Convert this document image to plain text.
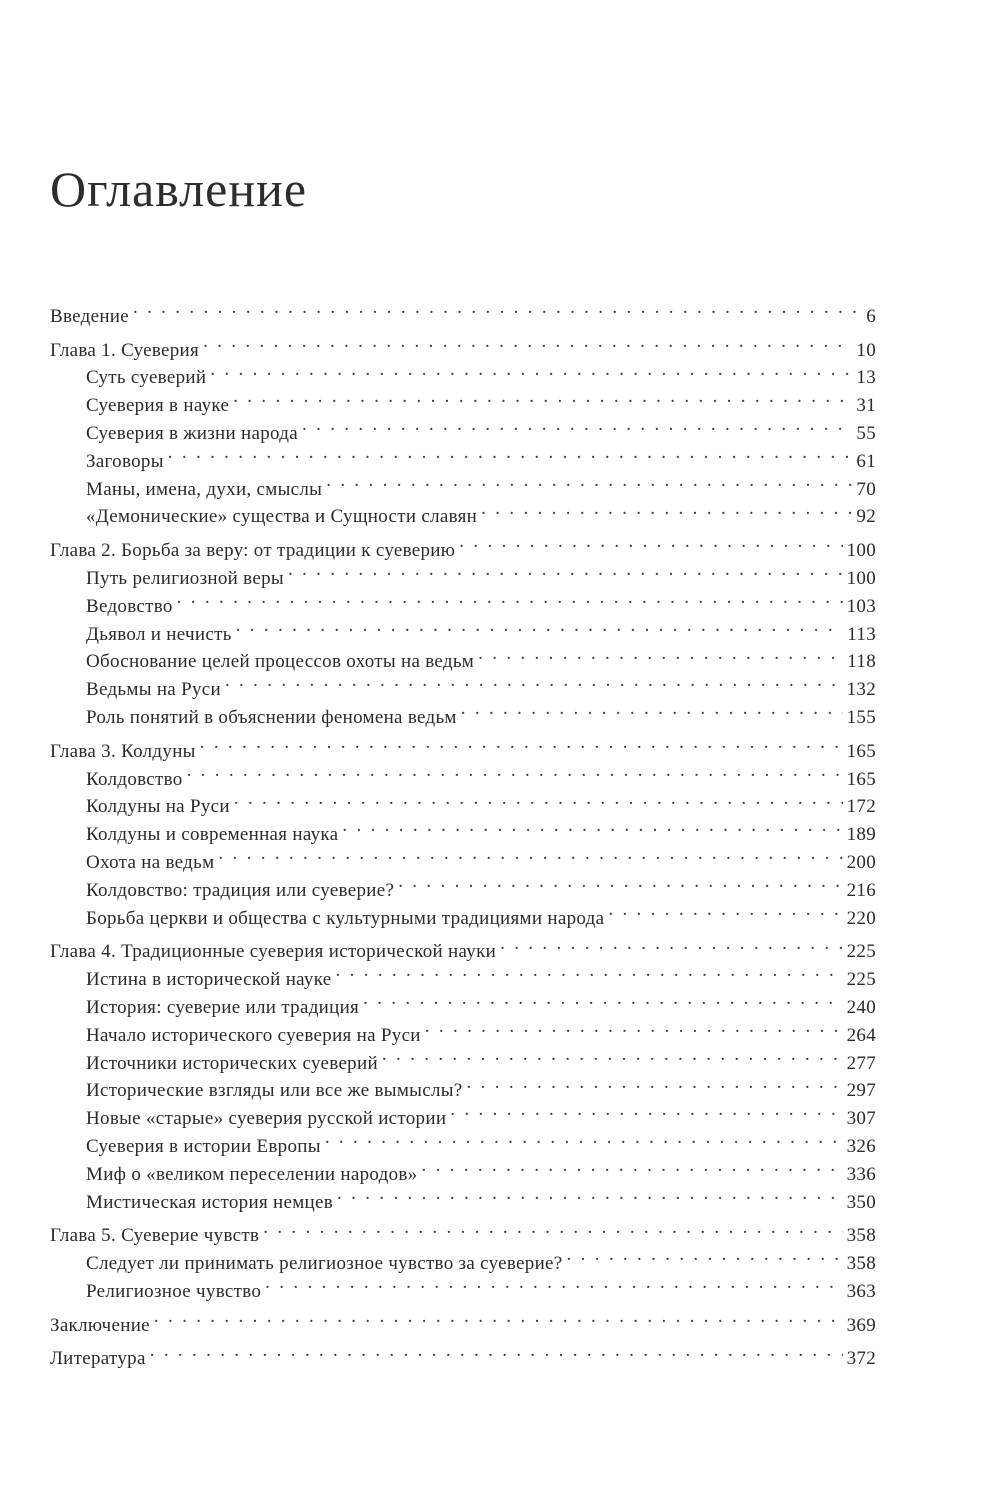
Оглавление
Введение . . .	6
Глава 1. Суеверия . . .	10
Суть суеверий . . .	13
Суеверия в науке . . .	31
Суеверия в жизни народа . . .	55
Заговоры . . .	61
Маны, имена, духи, смыслы . . .	70
«Демонические» существа и Сущности славян . . .	92
Глава 2. Борьба за веру: от традиции к суеверию . . .	100
Путь религиозной веры . . .	100
Ведовство . . .	103
Дьявол и нечисть . . .	113
Обоснование целей процессов охоты на ведьм . . .	118
Ведьмы на Руси . . .	132
Роль понятий в объяснении феномена ведьм . . .	155
Глава 3. Колдуны . . .	165
Колдовство . . .	165
Колдуны на Руси . . .	172
Колдуны и современная наука . . .	189
Охота на ведьм . . .	200
Колдовство: традиция или суеверие? . . .	216
Борьба церкви и общества с культурными традициями народа . . .	220
Глава 4. Традиционные суеверия исторической науки . . .	225
Истина в исторической науке . . .	225
История: суеверие или традиция . . .	240
Начало исторического суеверия на Руси . . .	264
Источники исторических суеверий . . .	277
Исторические взгляды или все же вымыслы? . . .	297
Новые «старые» суеверия русской истории . . .	307
Суеверия в истории Европы . . .	326
Миф о «великом переселении народов» . . .	336
Мистическая история немцев . . .	350
Глава 5. Суеверие чувств . . .	358
Следует ли принимать религиозное чувство за суеверие? . . .	358
Религиозное чувство . . .	363
Заключение . . .	369
Литература . . .	372
